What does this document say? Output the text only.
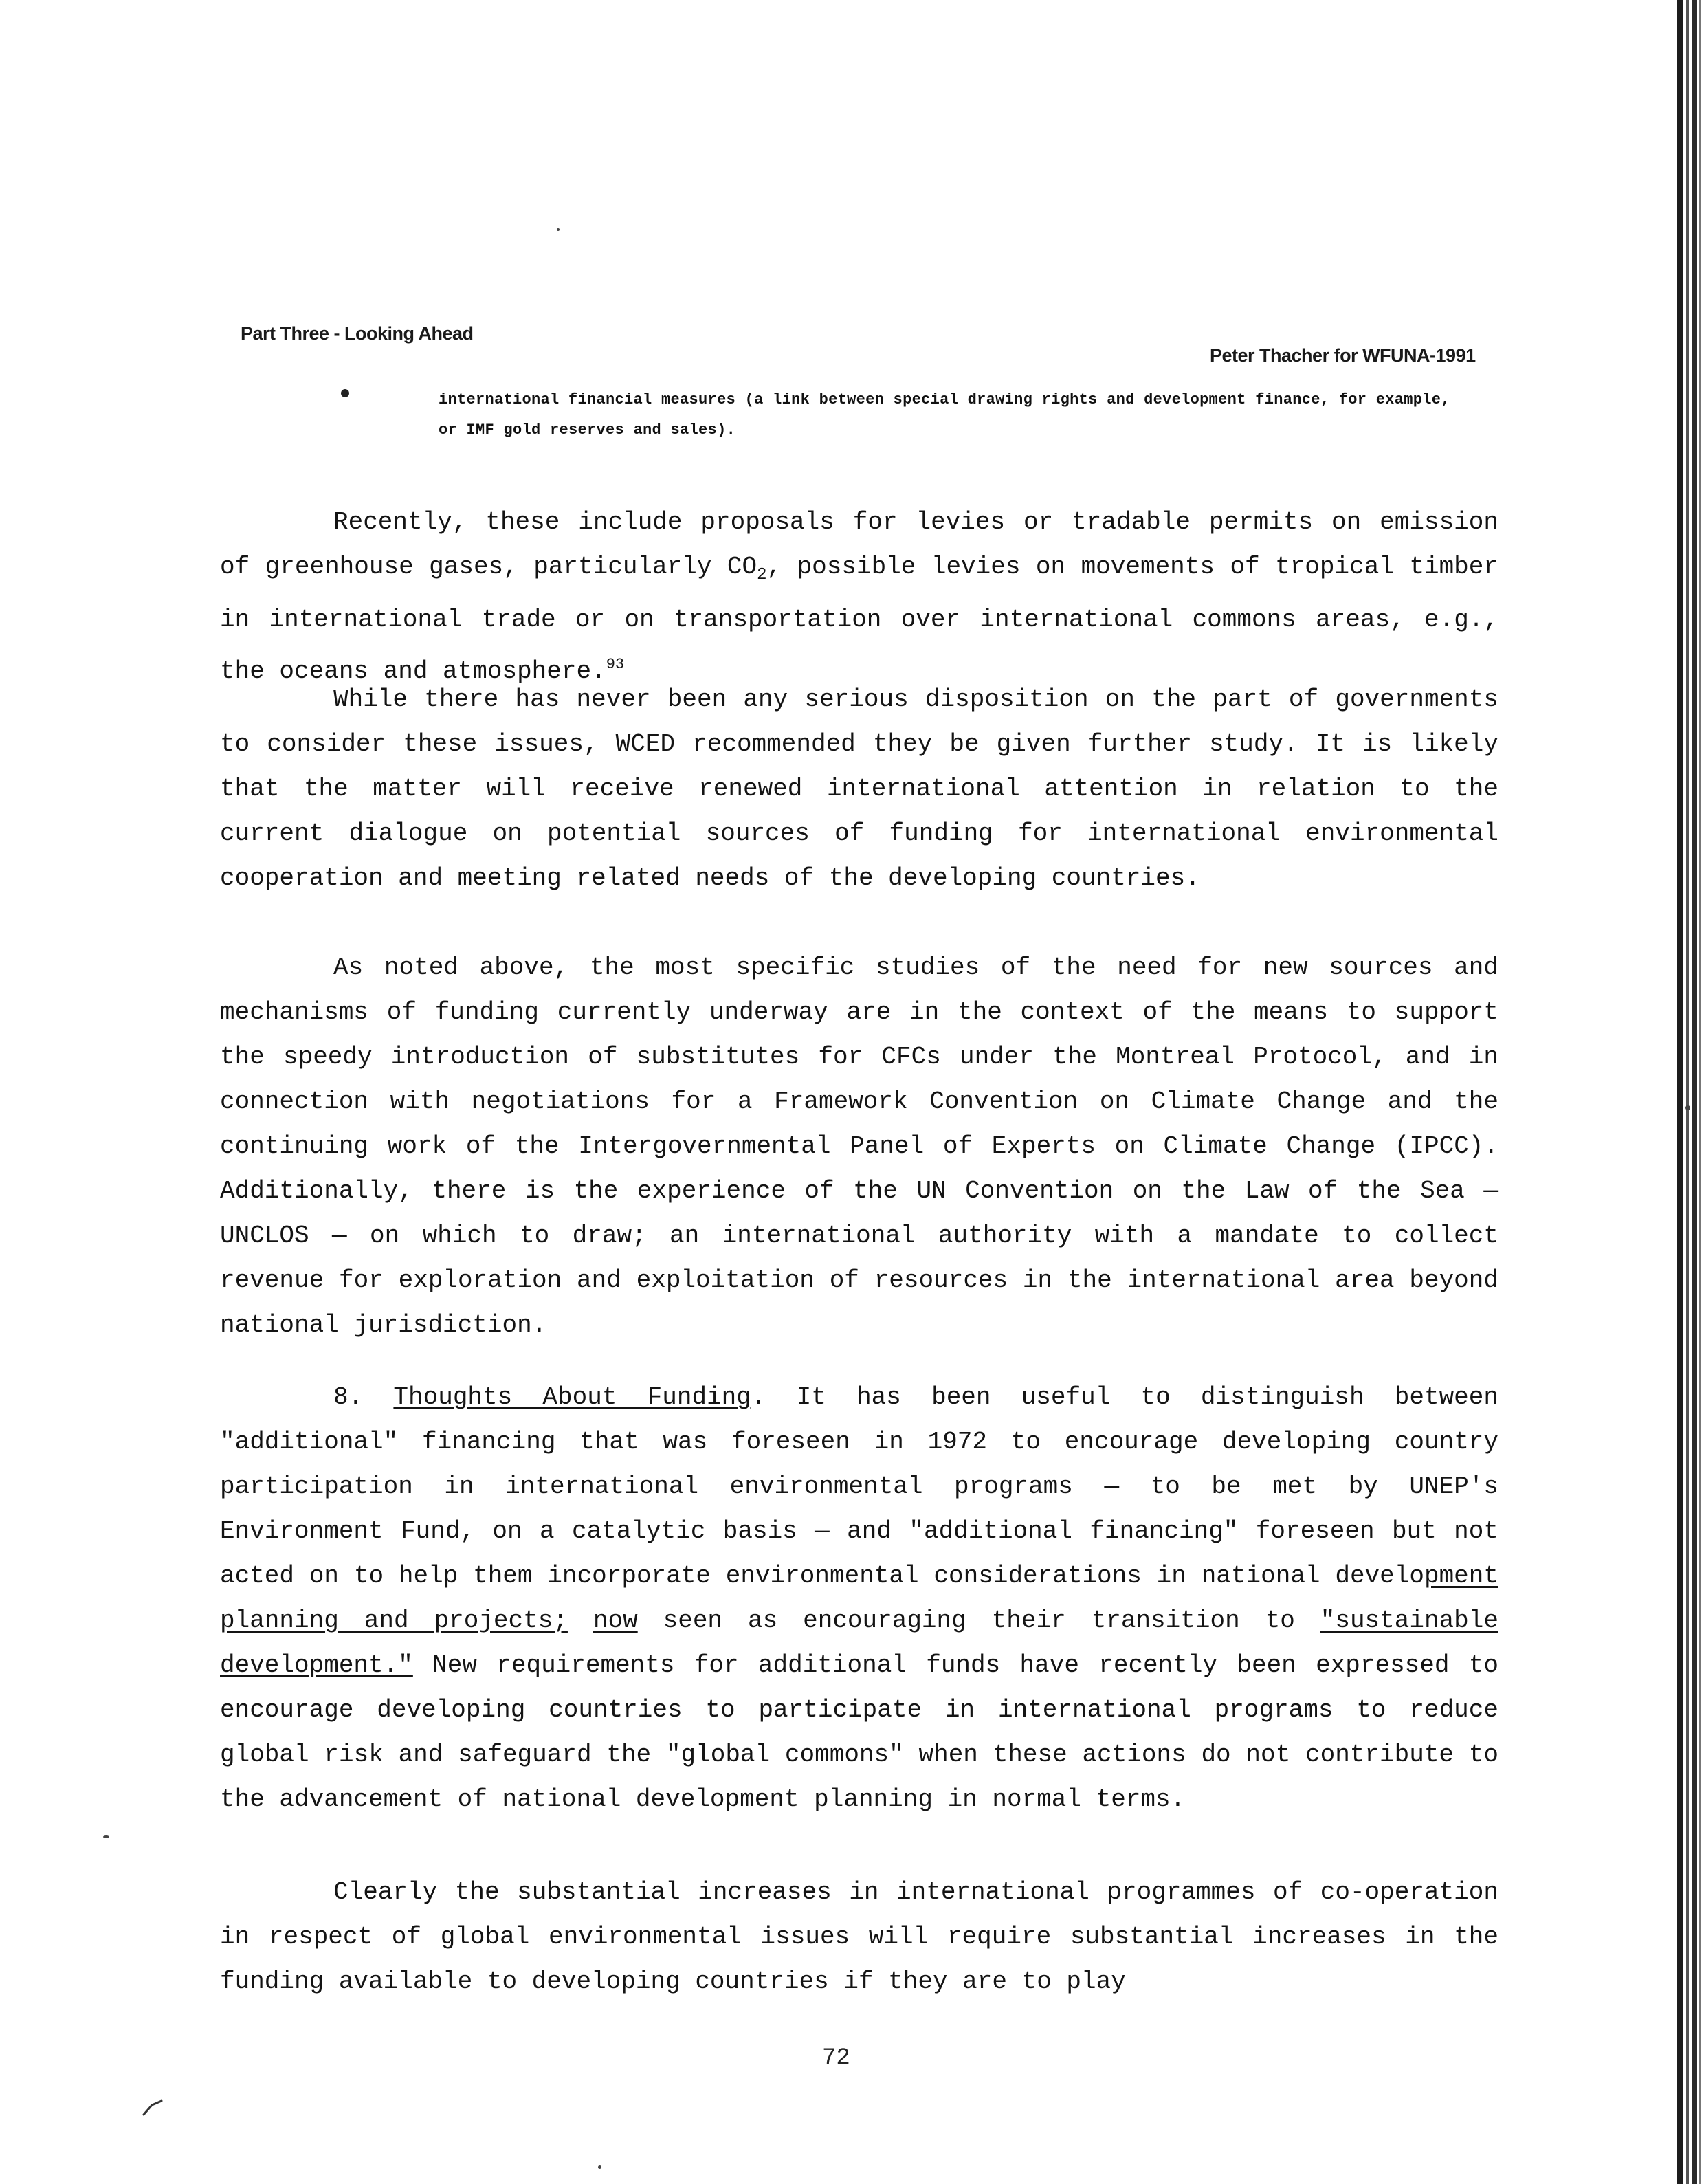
Part Three - Looking Ahead
Peter Thacher for WFUNA-1991
international financial measures (a link between special drawing rights and development finance, for example, or IMF gold reserves and sales).

Recently, these include proposals for levies or tradable permits on emission of greenhouse gases, particularly $CO_2$, possible levies on movements of tropical timber in international trade or on transportation over international commons areas, e.g., the oceans and atmosphere.$^{93}$

While there has never been any serious disposition on the part of governments to consider these issues, WCED recommended they be given further study. It is likely that the matter will receive renewed international attention in relation to the current dialogue on potential sources of funding for international environmental cooperation and meeting related needs of the developing countries.

As noted above, the most specific studies of the need for new sources and mechanisms of funding currently underway are in the context of the means to support the speedy introduction of substitutes for CFCs under the Montreal Protocol, and in connection with negotiations for a Framework Convention on Climate Change and the continuing work of the Intergovernmental Panel of Experts on Climate Change (IPCC). Additionally, there is the experience of the UN Convention on the Law of the Sea — UNCLOS — on which to draw; an international authority with a mandate to collect revenue for exploration and exploitation of resources in the international area beyond national jurisdiction.

8. Thoughts About Funding. It has been useful to distinguish between "additional" financing that was foreseen in 1972 to encourage developing country participation in international environmental programs — to be met by UNEP's Environment Fund, on a catalytic basis — and "additional financing" foreseen but not acted on to help them incorporate environmental considerations in national development planning and projects; now seen as encouraging their transition to "sustainable development." New requirements for additional funds have recently been expressed to encourage developing countries to participate in international programs to reduce global risk and safeguard the "global commons" when these actions do not contribute to the advancement of national development planning in normal terms.

Clearly the substantial increases in international programmes of co-operation in respect of global environmental issues will require substantial increases in the funding available to developing countries if they are to play

72
